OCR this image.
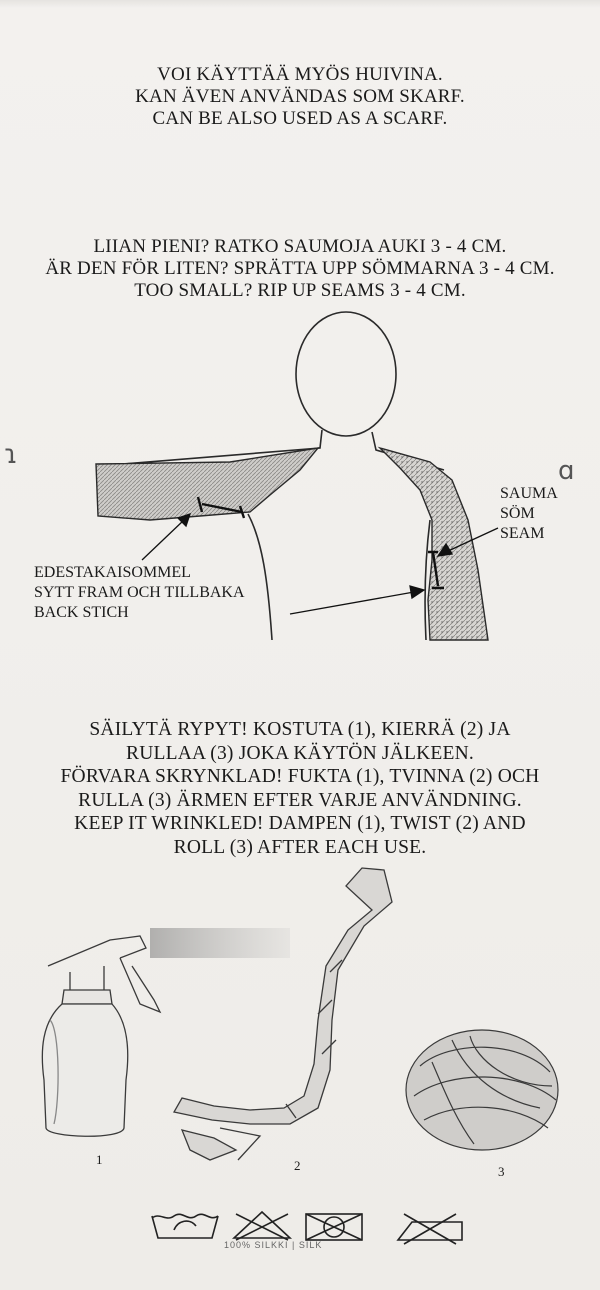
VOI KÄYTTÄÄ MYÖS HUIVINA.
KAN ÄVEN ANVÄNDAS SOM SKARF.
CAN BE ALSO USED AS A SCARF.
LIIAN PIENI? RATKO SAUMOJA AUKI 3 - 4 CM.
ÄR DEN FÖR LITEN? SPRÄTTA UPP SÖMMARNA 3 - 4 CM.
TOO SMALL? RIP UP SEAMS 3 - 4 CM.
EDESTAKAISOMMEL
SYTT FRAM OCH TILLBAKA
BACK STICH
SAUMA
SÖM
SEAM
SÄILYTÄ RYPYT! KOSTUTA (1), KIERRÄ (2) JA
RULLAA (3) JOKA KÄYTÖN JÄLKEEN.
FÖRVARA SKRYNKLAD! FUKTA (1), TVINNA (2) OCH
RULLA (3) ÄRMEN EFTER VARJE ANVÄNDNING.
KEEP IT WRINKLED! DAMPEN (1), TWIST (2) AND
ROLL (3) AFTER EACH USE.
1	2	3
100% SILKKI | SILK
ɿ
ɑ
